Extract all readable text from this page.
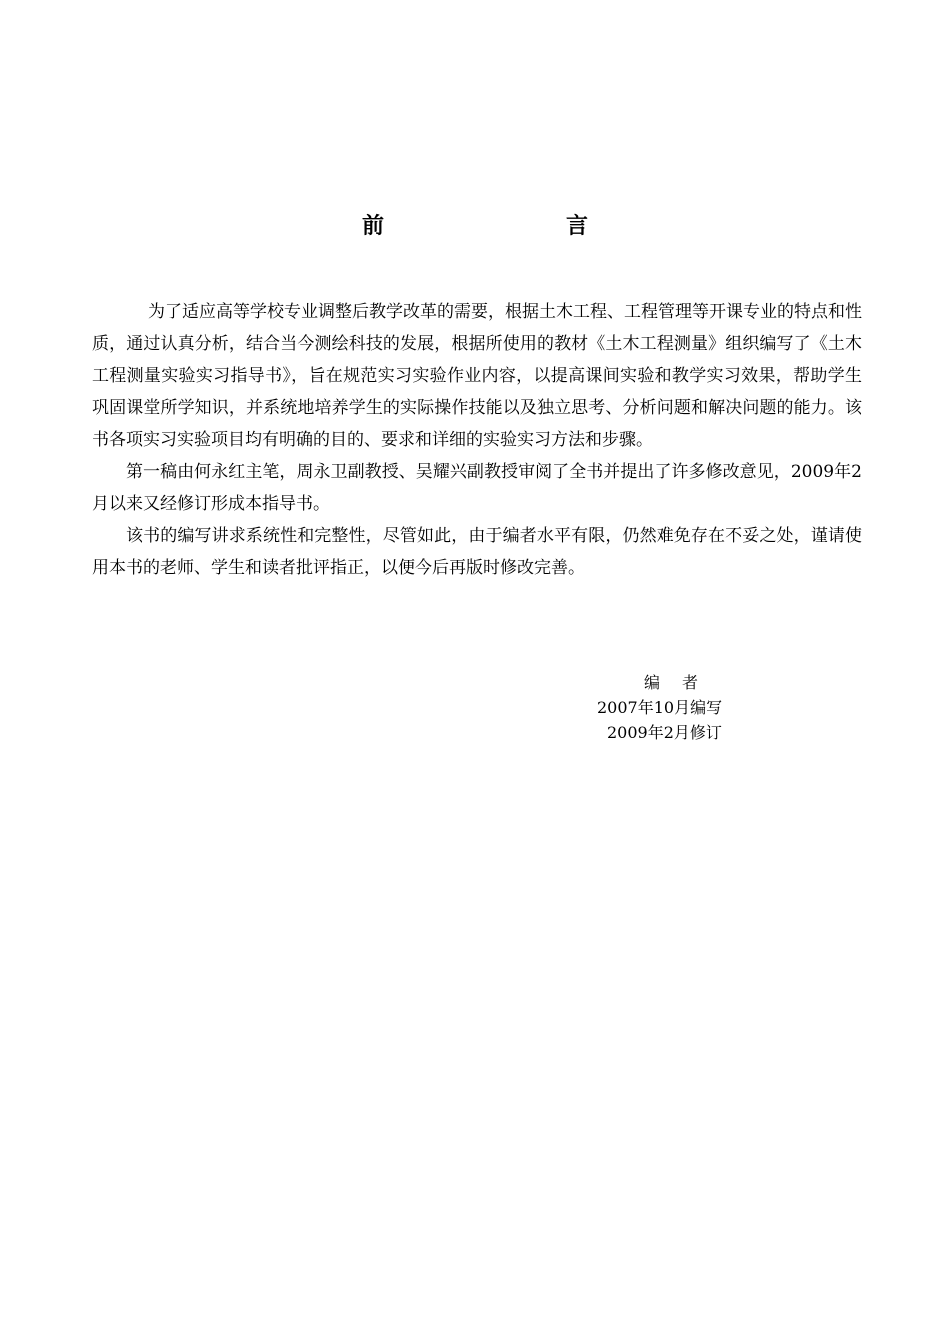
前　言

为了适应高等学校专业调整后教学改革的需要，根据土木工程、工程管理等开课专业的特点和性质，通过认真分析，结合当今测绘科技的发展，根据所使用的教材《土木工程测量》组织编写了《土木工程测量实验实习指导书》，旨在规范实习实验作业内容，以提高课间实验和教学实习效果，帮助学生巩固课堂所学知识，并系统地培养学生的实际操作技能以及独立思考、分析问题和解决问题的能力。该书各项实习实验项目均有明确的目的、要求和详细的实验实习方法和步骤。

第一稿由何永红主笔，周永卫副教授、吴耀兴副教授审阅了全书并提出了许多修改意见，2009年2月以来又经修订形成本指导书。

该书的编写讲求系统性和完整性，尽管如此，由于编者水平有限，仍然难免存在不妥之处，谨请使用本书的老师、学生和读者批评指正，以便今后再版时修改完善。

编者
2007年10月编写
2009年2月修订
